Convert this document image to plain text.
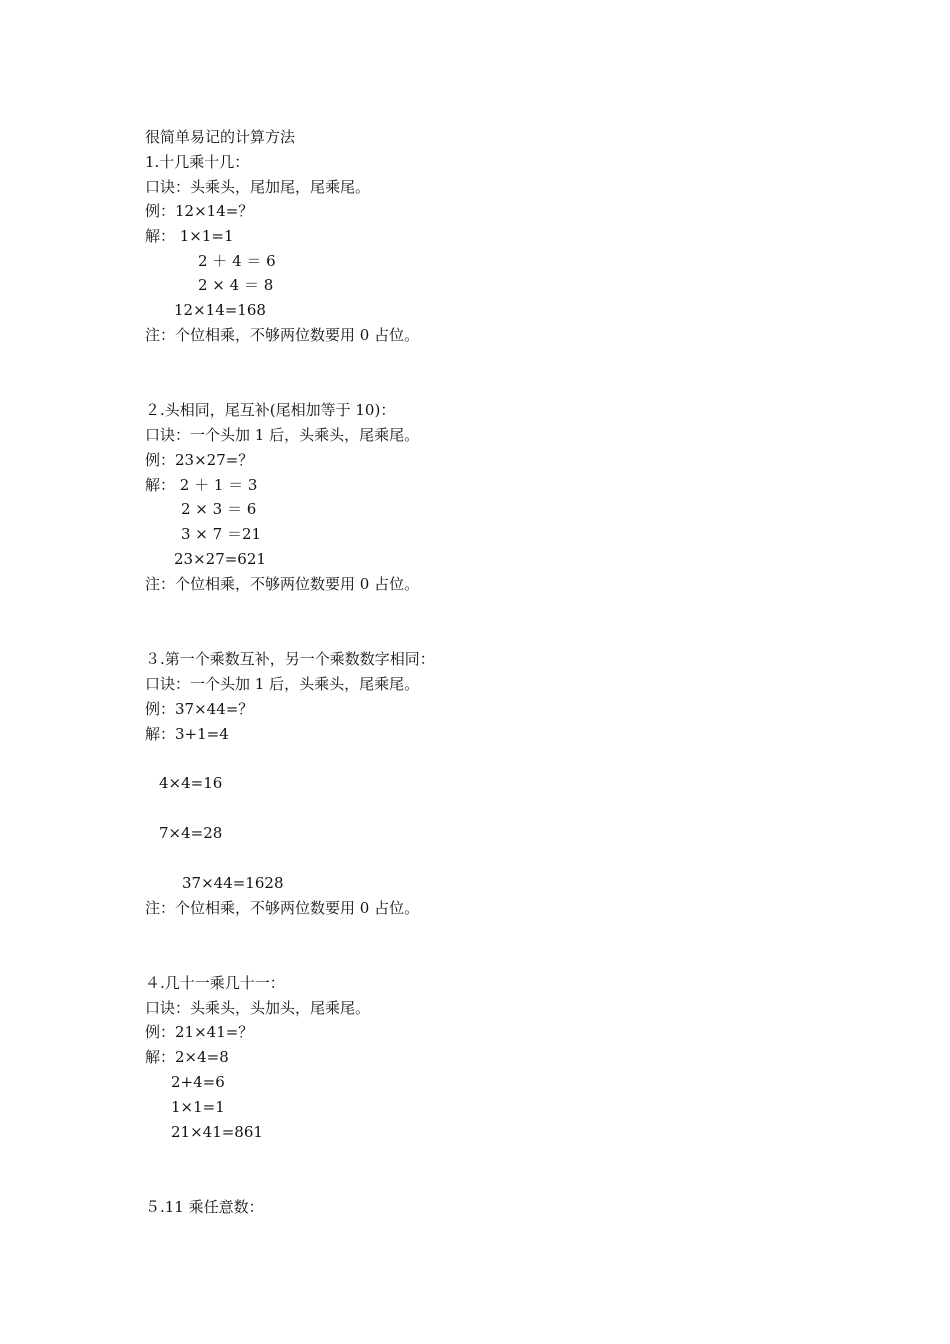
很简单易记的计算方法
1.十几乘十几：
口诀：头乘头，尾加尾，尾乘尾。
例：12×14=？
解： 1×1=1
2 ＋ 4 ＝ 6
2 × 4 ＝ 8
12×14=168
注：个位相乘，不够两位数要用 0 占位。
２.头相同，尾互补(尾相加等于 10)：
口诀：一个头加 1 后，头乘头，尾乘尾。
例：23×27=？
解： 2 ＋ 1 ＝ 3
2 × 3 ＝ 6
3 × 7 ＝21
23×27=621
注：个位相乘，不够两位数要用 0 占位。
３.第一个乘数互补，另一个乘数数字相同：
口诀：一个头加 1 后，头乘头，尾乘尾。
例：37×44=？
解：3+1=4
4×4=16
7×4=28
37×44=1628
注：个位相乘，不够两位数要用 0 占位。
４.几十一乘几十一：
口诀：头乘头，头加头，尾乘尾。
例：21×41=？
解：2×4=8
2+4=6
1×1=1
21×41=861
５.11 乘任意数：
